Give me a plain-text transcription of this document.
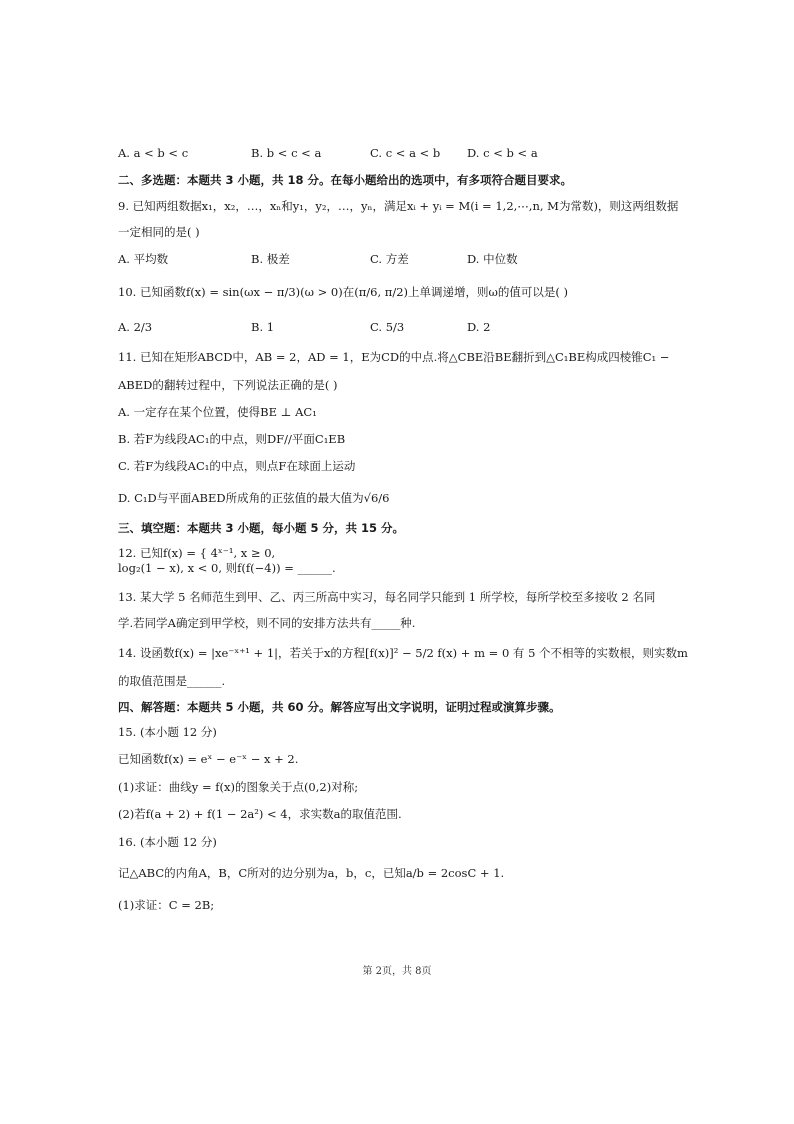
A. a < b < c	B. b < c < a	C. c < a < b D. c < b < a
二、多选题：本题共 3 小题，共 18 分。在每小题给出的选项中，有多项符合题目要求。
9. 已知两组数据x₁，x₂，…，xₙ和y₁，y₂，…，yₙ，满足xᵢ + yᵢ = M(i = 1,2,⋯,n, M为常数)，则这两组数据
一定相同的是( )
A. 平均数	B. 极差	C. 方差	D. 中位数
10. 已知函数f(x) = sin(ωx − π/3)(ω > 0)在(π/6, π/2)上单调递增，则ω的值可以是( )
A. 2/3	B. 1	C. 5/3	D. 2
11. 已知在矩形ABCD中，AB = 2，AD = 1，E为CD的中点.将△CBE沿BE翻折到△C₁BE构成四棱锥C₁ −
ABED的翻转过程中，下列说法正确的是( )
A. 一定存在某个位置，使得BE ⊥ AC₁
B. 若F为线段AC₁的中点，则DF//平面C₁EB
C. 若F为线段AC₁的中点，则点F在球面上运动
D. C₁D与平面ABED所成角的正弦值的最大值为√6/6
三、填空题：本题共 3 小题，每小题 5 分，共 15 分。
12. 已知f(x) = { 4ˣ⁻¹, x ≥ 0,
log₂(1 − x), x < 0, 则f(f(−4)) = ______.
13. 某大学 5 名师范生到甲、乙、丙三所高中实习，每名同学只能到 1 所学校，每所学校至多接收 2 名同
学.若同学A确定到甲学校，则不同的安排方法共有_____种.
14. 设函数f(x) = |xe⁻ˣ⁺¹ + 1|，若关于x的方程[f(x)]² − 5/2 f(x) + m = 0 有 5 个不相等的实数根，则实数m
的取值范围是______.
四、解答题：本题共 5 小题，共 60 分。解答应写出文字说明，证明过程或演算步骤。
15. (本小题 12 分)
已知函数f(x) = eˣ − e⁻ˣ − x + 2.
(1)求证：曲线y = f(x)的图象关于点(0,2)对称;
(2)若f(a + 2) + f(1 − 2a²) < 4，求实数a的取值范围.
16. (本小题 12 分)
记△ABC的内角A，B，C所对的边分别为a，b，c，已知a/b = 2cosC + 1.
(1)求证：C = 2B;
第 2页，共 8页
